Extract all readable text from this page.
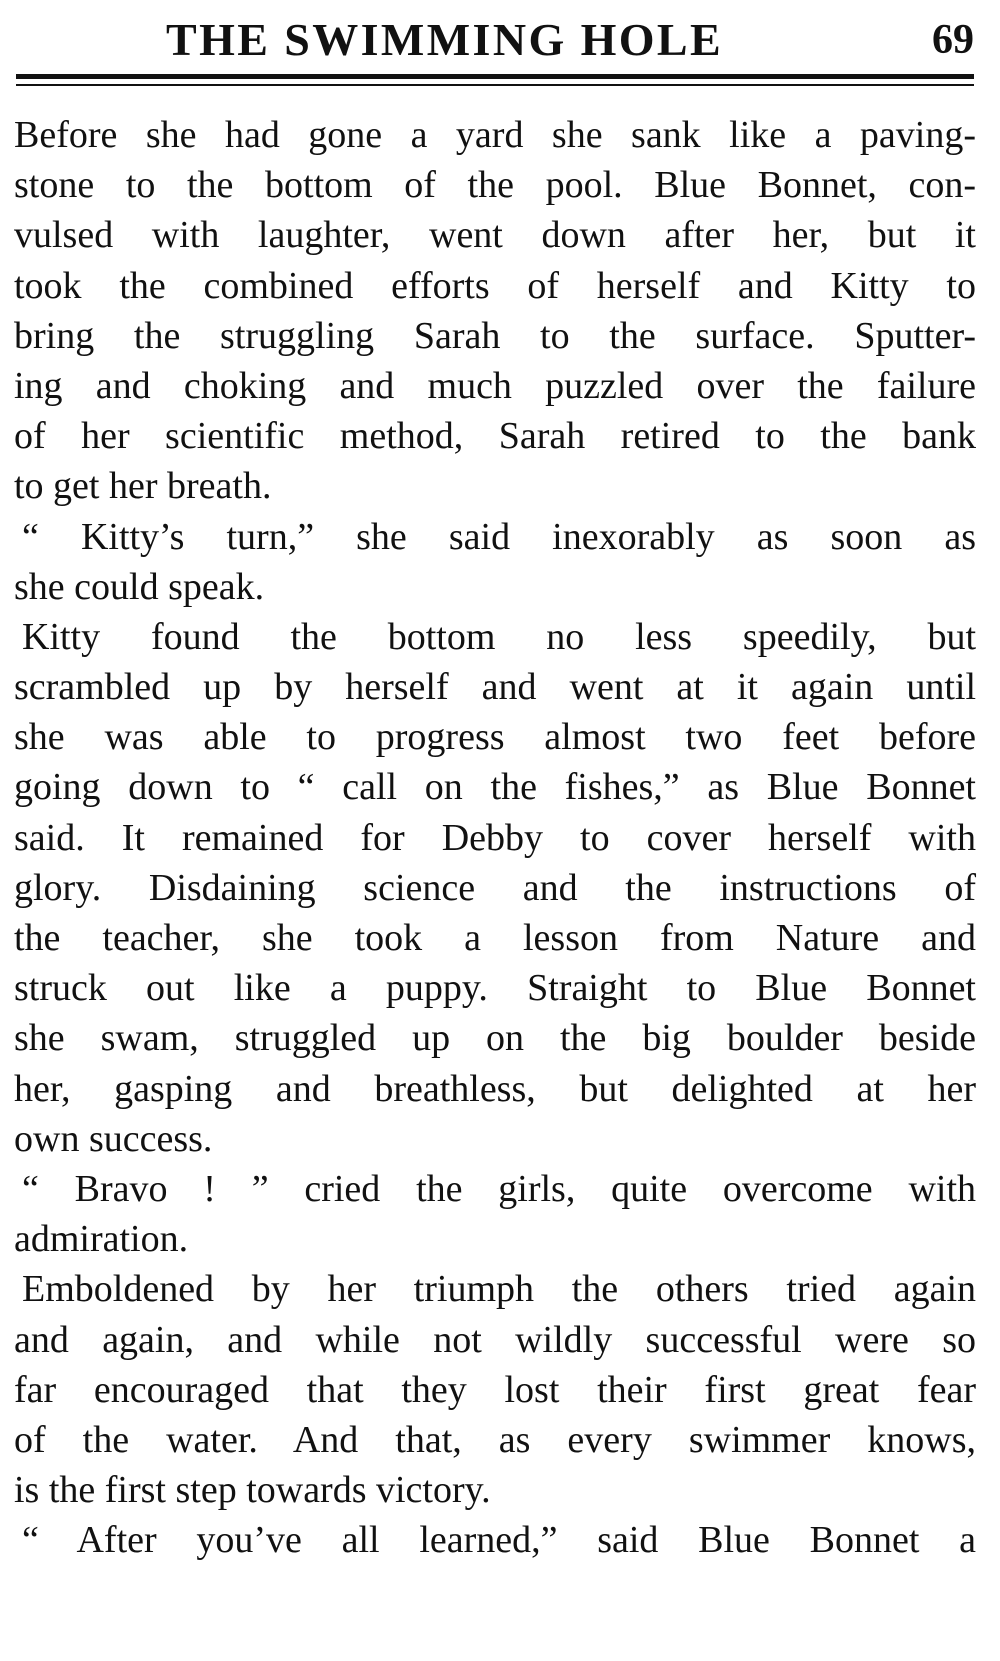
THE SWIMMING HOLE	69
Before she had gone a yard she sank like a paving-
stone to the bottom of the pool. Blue Bonnet, con-
vulsed with laughter, went down after her, but it
took the combined efforts of herself and Kitty to
bring the struggling Sarah to the surface. Sputter-
ing and choking and much puzzled over the failure
of her scientific method, Sarah retired to the bank
to get her breath.
“ Kitty’s turn,” she said inexorably as soon as
she could speak.
Kitty found the bottom no less speedily, but
scrambled up by herself and went at it again until
she was able to progress almost two feet before
going down to “ call on the fishes,” as Blue Bonnet
said. It remained for Debby to cover herself with
glory. Disdaining science and the instructions of
the teacher, she took a lesson from Nature and
struck out like a puppy. Straight to Blue Bonnet
she swam, struggled up on the big boulder beside
her, gasping and breathless, but delighted at her
own success.
“ Bravo ! ” cried the girls, quite overcome with
admiration.
Emboldened by her triumph the others tried again
and again, and while not wildly successful were so
far encouraged that they lost their first great fear
of the water. And that, as every swimmer knows,
is the first step towards victory.
“ After you’ve all learned,” said Blue Bonnet a
